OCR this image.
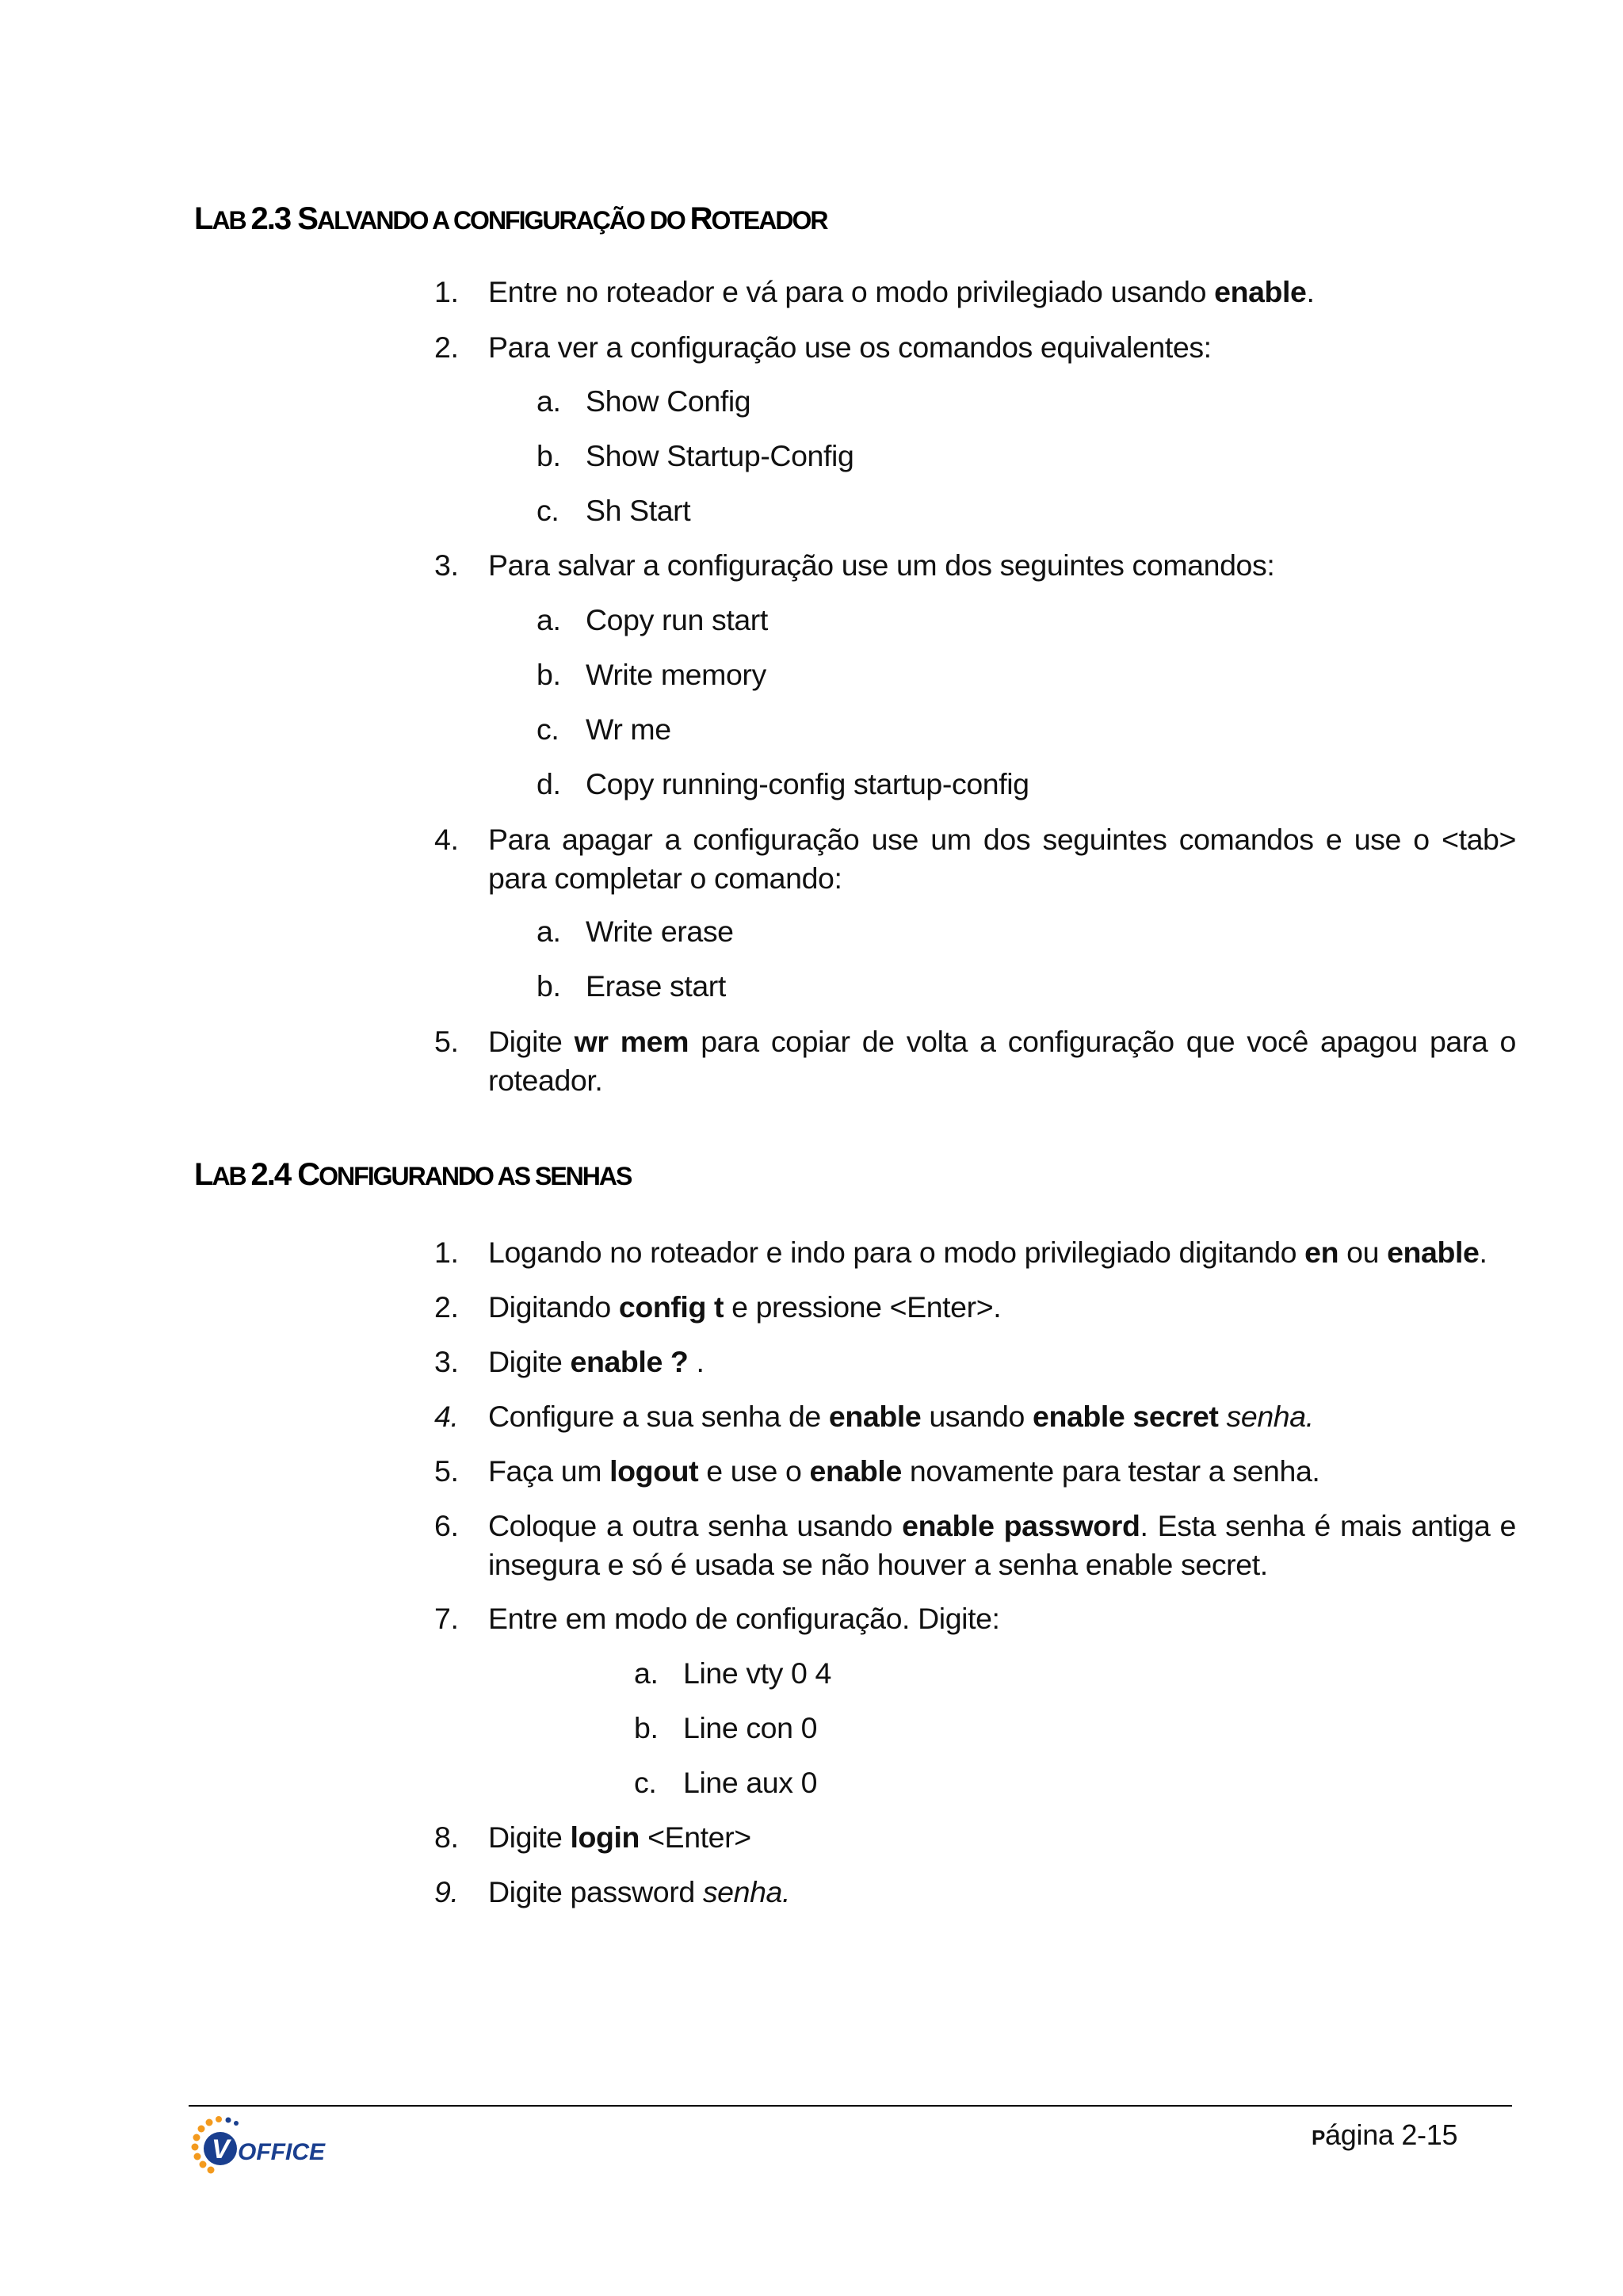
LAB 2.3 SALVANDO A CONFIGURAÇÃO DO ROTEADOR
1. Entre no roteador e vá para o modo privilegiado usando enable.
2. Para ver a configuração use os comandos equivalentes:
a. Show Config
b. Show Startup-Config
c. Sh Start
3. Para salvar a configuração use um dos seguintes comandos:
a. Copy run start
b. Write memory
c. Wr me
d. Copy running-config startup-config
4. Para apagar a configuração use um dos seguintes comandos e use o <tab> para completar o comando:
a. Write erase
b. Erase start
5. Digite wr mem para copiar de volta a configuração que você apagou para o roteador.
LAB 2.4 CONFIGURANDO AS SENHAS
1. Logando no roteador e indo para o modo privilegiado digitando en ou enable.
2. Digitando config t e pressione <Enter>.
3. Digite enable ? .
4. Configure a sua senha de enable usando enable secret senha.
5. Faça um logout e use o enable novamente para testar a senha.
6. Coloque a outra senha usando enable password. Esta senha é mais antiga e insegura e só é usada se não houver a senha enable secret.
7. Entre em modo de configuração. Digite:
a. Line vty 0 4
b. Line con 0
c. Line aux 0
8. Digite login <Enter>
9. Digite password senha.
V OFFICE
Página 2-15
